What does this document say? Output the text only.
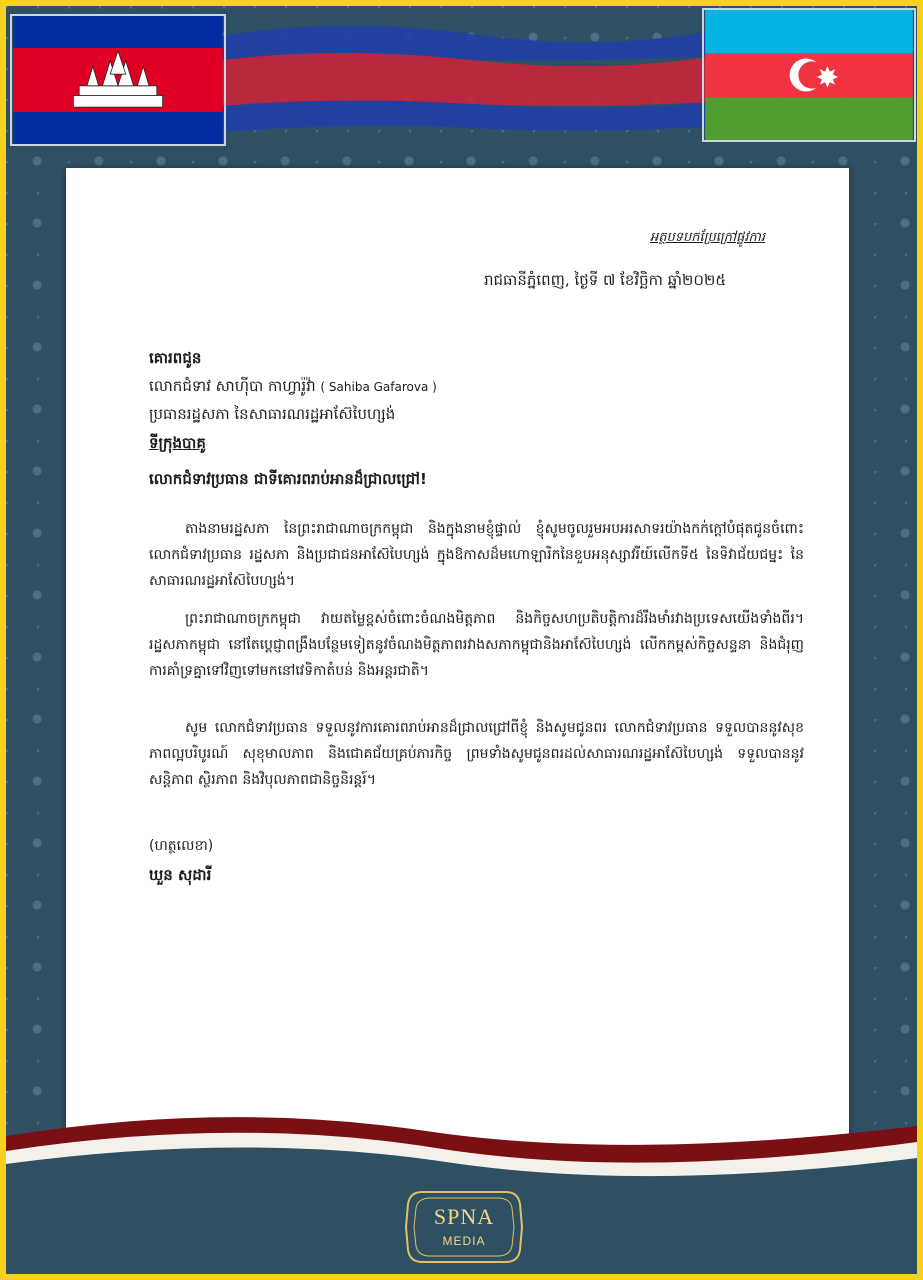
អត្ថបទបកប្រែក្រៅផ្លូវការ
រាជធានីភ្នំពេញ, ថ្ងៃទី ៧ ខែវិច្ឆិកា ឆ្នាំ២០២៥
គោរពជូន
លោកជំទាវ សាហ៊ីបា កាហ្វារ៉ូវ៉ា ( Sahiba Gafarova )
ប្រធានរដ្ឋសភា នៃសាធារណរដ្ឋអាស៊ែបៃហ្សង់
ទីក្រុងបាគូ
លោកជំទាវប្រធាន ជាទីគោរពរាប់អានដ៏ជ្រាលជ្រៅ!
តាងនាមរដ្ឋសភា នៃព្រះរាជាណាចក្រកម្ពុជា និងក្នុងនាមខ្ញុំផ្ទាល់ ខ្ញុំសូមចូលរួមអបអរសាទរយ៉ាងកក់ក្ដៅបំផុតជូនចំពោះ លោកជំទាវប្រធាន រដ្ឋសភា និងប្រជាជនអាស៊ែបៃហ្សង់ ក្នុងឱកាសដ៏មហោឡារិកនៃខួបអនុស្សាវរីយ៍លើកទី៥ នៃទិវាជ័យជម្នះ នៃសាធារណរដ្ឋអាស៊ែបៃហ្សង់។
ព្រះរាជាណាចក្រកម្ពុជា វាយតម្លៃខ្ពស់ចំពោះចំណងមិត្តភាព និងកិច្ចសហប្រតិបត្តិការដ៏រឹងមាំរវាងប្រទេសយើងទាំងពីរ។ រដ្ឋសភាកម្ពុជា នៅតែប្ដេជ្ញាពង្រឹងបន្ថែមទៀតនូវចំណងមិត្តភាពរវាងសភាកម្ពុជានិងអាស៊ែបៃហ្សង់ លើកកម្ពស់កិច្ចសន្ទនា និងជំរុញការគាំទ្រគ្នាទៅវិញទៅមកនៅវេទិកាតំបន់ និងអន្តរជាតិ។
សូម លោកជំទាវប្រធាន ទទួលនូវការគោរពរាប់អានដ៏ជ្រាលជ្រៅពីខ្ញុំ និងសូមជូនពរ លោកជំទាវប្រធាន ទទួលបាននូវសុខភាពល្អបរិបូរណ៍ សុខុមាលភាព និងជោគជ័យគ្រប់ភារកិច្ច ព្រមទាំងសូមជូនពរដល់សាធារណរដ្ឋអាស៊ែបៃហ្សង់ ទទួលបាននូវសន្តិភាព ស្ថិរភាព និងវិបុលភាពជានិច្ចនិរន្តរ៍។
(ហត្ថលេខា)
ឃួន សុដារី
SPNA
MEDIA
